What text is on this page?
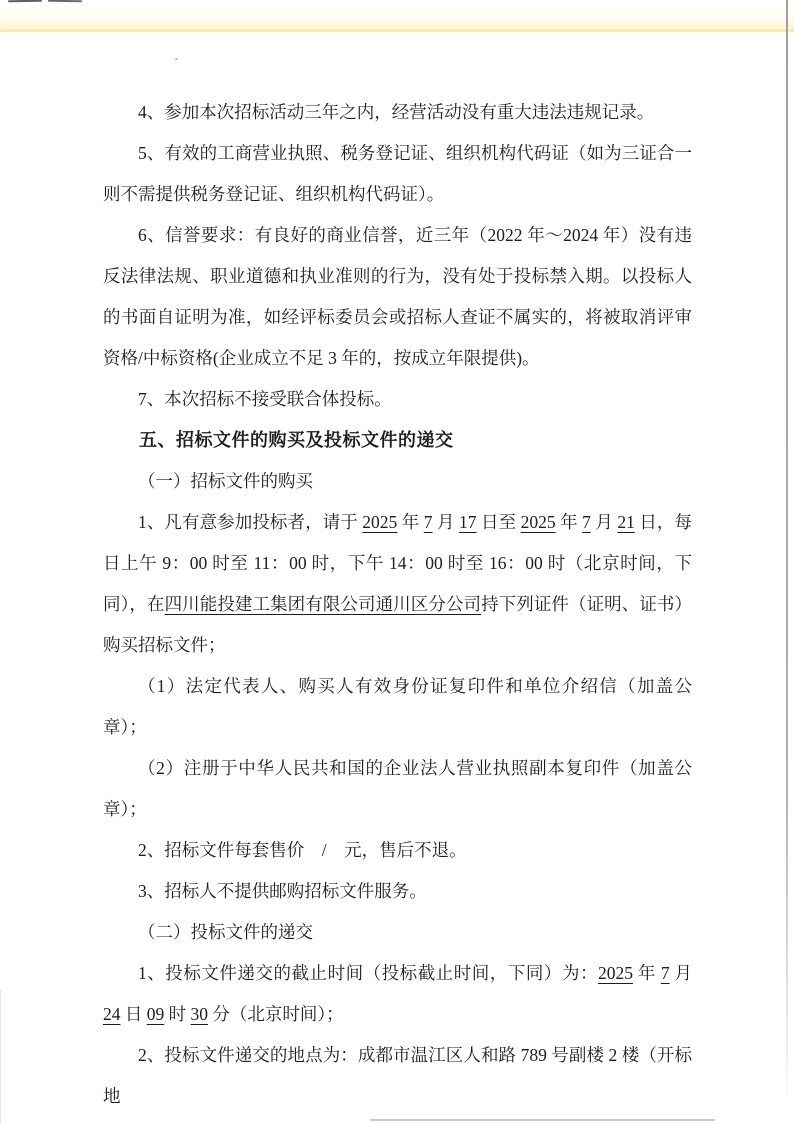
4、参加本次招标活动三年之内，经营活动没有重大违法违规记录。

5、有效的工商营业执照、税务登记证、组织机构代码证（如为三证合一则不需提供税务登记证、组织机构代码证）。

6、信誉要求：有良好的商业信誉，近三年（2022 年～2024 年）没有违反法律法规、职业道德和执业准则的行为，没有处于投标禁入期。以投标人的书面自证明为准，如经评标委员会或招标人查证不属实的，将被取消评审资格/中标资格(企业成立不足 3 年的，按成立年限提供)。

7、本次招标不接受联合体投标。

五、招标文件的购买及投标文件的递交

（一）招标文件的购买

1、凡有意参加投标者，请于 2025 年 7 月 17 日至 2025 年 7 月 21 日，每日上午 9：00 时至 11：00 时，下午 14：00 时至 16：00 时（北京时间，下同），在四川能投建工集团有限公司通川区分公司持下列证件（证明、证书）购买招标文件；

（1）法定代表人、购买人有效身份证复印件和单位介绍信（加盖公章）；

（2）注册于中华人民共和国的企业法人营业执照副本复印件（加盖公章）；

2、招标文件每套售价　/　元，售后不退。

3、招标人不提供邮购招标文件服务。

（二）投标文件的递交

1、投标文件递交的截止时间（投标截止时间，下同）为：2025 年 7 月 24 日 09 时 30 分（北京时间）；

2、投标文件递交的地点为：成都市温江区人和路 789 号副楼 2 楼（开标地
